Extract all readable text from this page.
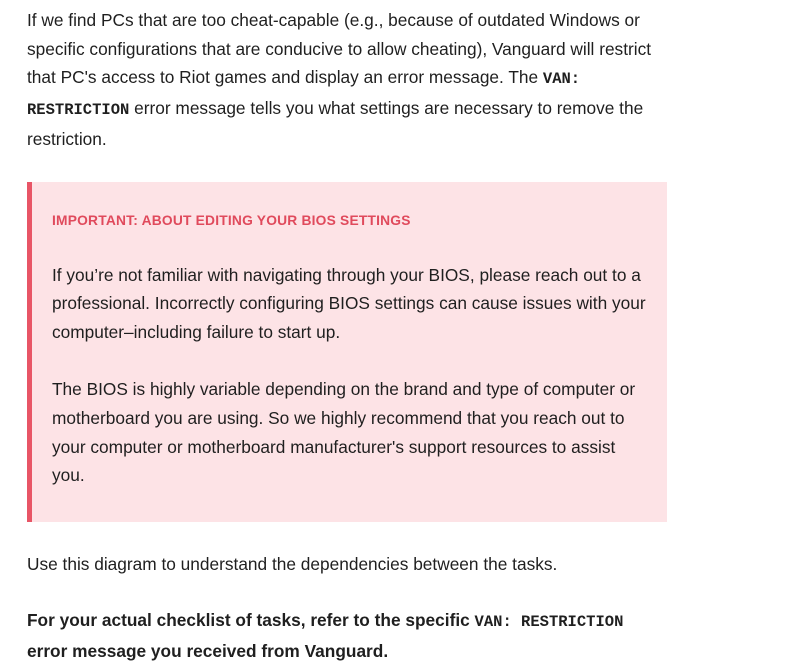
If we find PCs that are too cheat-capable (e.g., because of outdated Windows or specific configurations that are conducive to allow cheating), Vanguard will restrict that PC's access to Riot games and display an error message. The VAN: RESTRICTION error message tells you what settings are necessary to remove the restriction.

IMPORTANT: ABOUT EDITING YOUR BIOS SETTINGS

If you’re not familiar with navigating through your BIOS, please reach out to a professional. Incorrectly configuring BIOS settings can cause issues with your computer–including failure to start up.

The BIOS is highly variable depending on the brand and type of computer or motherboard you are using. So we highly recommend that you reach out to your computer or motherboard manufacturer's support resources to assist you.

Use this diagram to understand the dependencies between the tasks.

For your actual checklist of tasks, refer to the specific VAN: RESTRICTION error message you received from Vanguard.
